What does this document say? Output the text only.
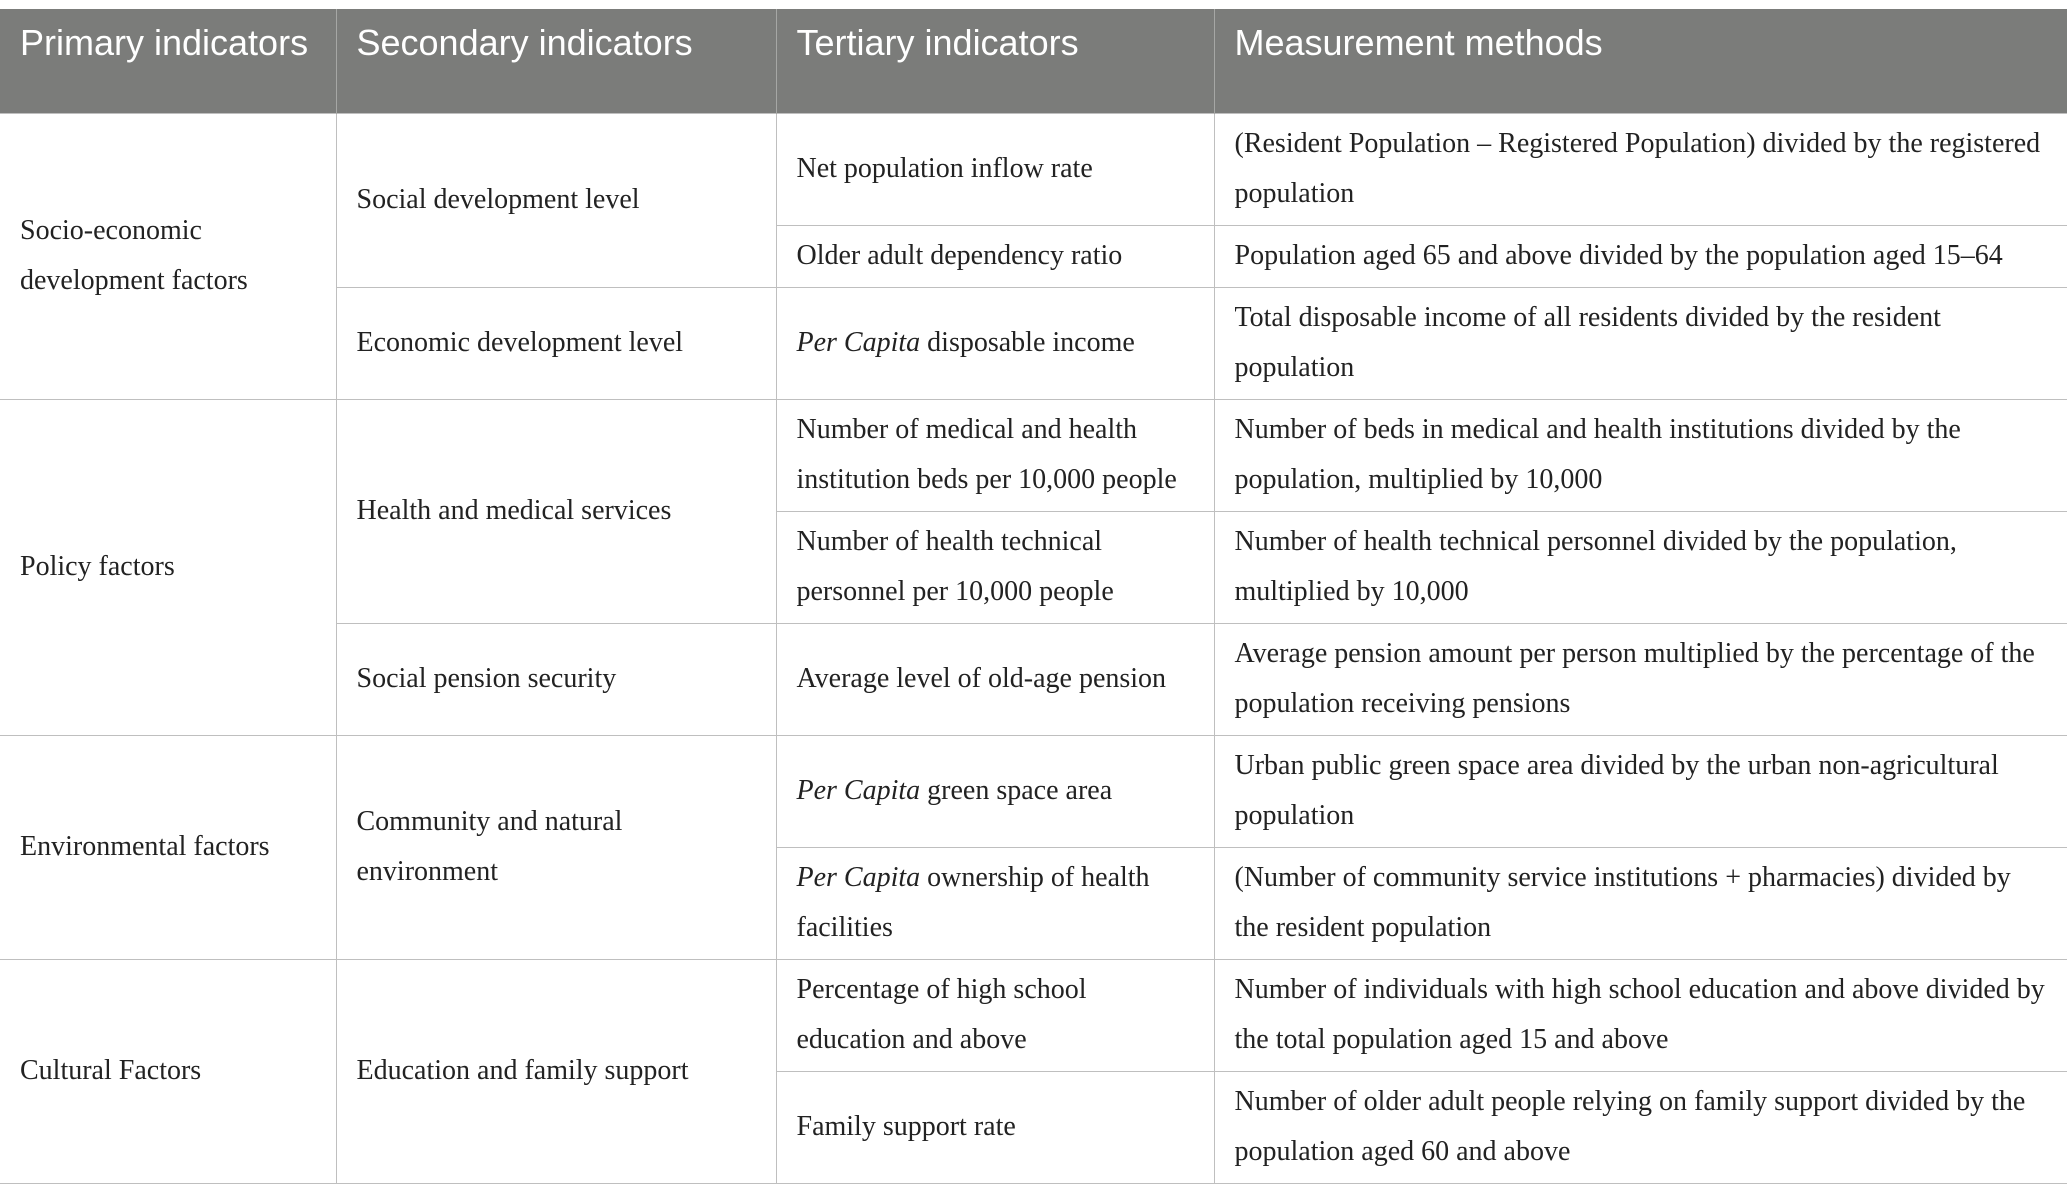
Primary indicators	Secondary indicators	Tertiary indicators	Measurement methods
Socio-economic development factors	Social development level	Net population inflow rate	(Resident Population – Registered Population) divided by the registered population
		Older adult dependency ratio	Population aged 65 and above divided by the population aged 15–64
	Economic development level	Per Capita disposable income	Total disposable income of all residents divided by the resident population
Policy factors	Health and medical services	Number of medical and health institution beds per 10,000 people	Number of beds in medical and health institutions divided by the population, multiplied by 10,000
		Number of health technical personnel per 10,000 people	Number of health technical personnel divided by the population, multiplied by 10,000
	Social pension security	Average level of old-age pension	Average pension amount per person multiplied by the percentage of the population receiving pensions
Environmental factors	Community and natural environment	Per Capita green space area	Urban public green space area divided by the urban non-agricultural population
		Per Capita ownership of health facilities	(Number of community service institutions + pharmacies) divided by the resident population
Cultural Factors	Education and family support	Percentage of high school education and above	Number of individuals with high school education and above divided by the total population aged 15 and above
		Family support rate	Number of older adult people relying on family support divided by the population aged 60 and above
